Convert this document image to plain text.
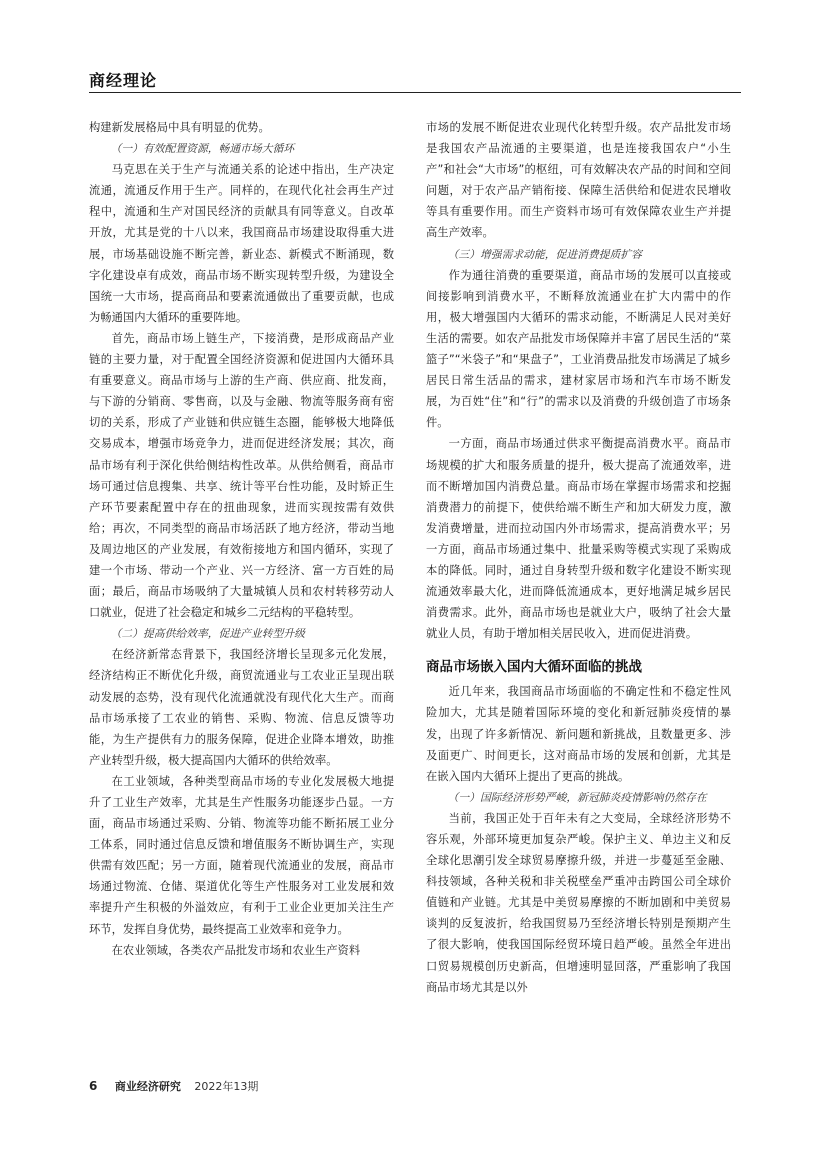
商经理论

构建新发展格局中具有明显的优势。

（一）有效配置资源，畅通市场大循环

马克思在关于生产与流通关系的论述中指出，生产决定流通，流通反作用于生产。同样的，在现代化社会再生产过程中，流通和生产对国民经济的贡献具有同等意义。自改革开放，尤其是党的十八以来，我国商品市场建设取得重大进展，市场基础设施不断完善，新业态、新模式不断涌现，数字化建设卓有成效，商品市场不断实现转型升级，为建设全国统一大市场，提高商品和要素流通做出了重要贡献，也成为畅通国内大循环的重要阵地。

首先，商品市场上链生产，下接消费，是形成商品产业链的主要力量，对于配置全国经济资源和促进国内大循环具有重要意义。商品市场与上游的生产商、供应商、批发商，与下游的分销商、零售商，以及与金融、物流等服务商有密切的关系，形成了产业链和供应链生态圈，能够极大地降低交易成本，增强市场竞争力，进而促进经济发展；其次，商品市场有利于深化供给侧结构性改革。从供给侧看，商品市场可通过信息搜集、共享、统计等平台性功能，及时矫正生产环节要素配置中存在的扭曲现象，进而实现按需有效供给；再次，不同类型的商品市场活跃了地方经济，带动当地及周边地区的产业发展，有效衔接地方和国内循环，实现了建一个市场、带动一个产业、兴一方经济、富一方百姓的局面；最后，商品市场吸纳了大量城镇人员和农村转移劳动人口就业，促进了社会稳定和城乡二元结构的平稳转型。

（二）提高供给效率，促进产业转型升级

在经济新常态背景下，我国经济增长呈现多元化发展，经济结构正不断优化升级，商贸流通业与工农业正呈现出联动发展的态势，没有现代化流通就没有现代化大生产。而商品市场承接了工农业的销售、采购、物流、信息反馈等功能，为生产提供有力的服务保障，促进企业降本增效，助推产业转型升级，极大提高国内大循环的供给效率。

在工业领域，各种类型商品市场的专业化发展极大地提升了工业生产效率，尤其是生产性服务功能逐步凸显。一方面，商品市场通过采购、分销、物流等功能不断拓展工业分工体系，同时通过信息反馈和增值服务不断协调生产，实现供需有效匹配；另一方面，随着现代流通业的发展，商品市场通过物流、仓储、渠道优化等生产性服务对工业发展和效率提升产生积极的外溢效应，有利于工业企业更加关注生产环节，发挥自身优势，最终提高工业效率和竞争力。

在农业领域，各类农产品批发市场和农业生产资料

市场的发展不断促进农业现代化转型升级。农产品批发市场是我国农产品流通的主要渠道，也是连接我国农户“小生产”和社会“大市场”的枢纽，可有效解决农产品的时间和空间问题，对于农产品产销衔接、保障生活供给和促进农民增收等具有重要作用。而生产资料市场可有效保障农业生产并提高生产效率。

（三）增强需求动能，促进消费提质扩容

作为通往消费的重要渠道，商品市场的发展可以直接或间接影响到消费水平，不断释放流通业在扩大内需中的作用，极大增强国内大循环的需求动能，不断满足人民对美好生活的需要。如农产品批发市场保障并丰富了居民生活的“菜篮子”“米袋子”和“果盘子”，工业消费品批发市场满足了城乡居民日常生活品的需求，建材家居市场和汽车市场不断发展，为百姓“住”和“行”的需求以及消费的升级创造了市场条件。

一方面，商品市场通过供求平衡提高消费水平。商品市场规模的扩大和服务质量的提升，极大提高了流通效率，进而不断增加国内消费总量。商品市场在掌握市场需求和挖掘消费潜力的前提下，使供给端不断生产和加大研发力度，激发消费增量，进而拉动国内外市场需求，提高消费水平；另一方面，商品市场通过集中、批量采购等模式实现了采购成本的降低。同时，通过自身转型升级和数字化建设不断实现流通效率最大化，进而降低流通成本，更好地满足城乡居民消费需求。此外，商品市场也是就业大户，吸纳了社会大量就业人员，有助于增加相关居民收入，进而促进消费。

商品市场嵌入国内大循环面临的挑战

近几年来，我国商品市场面临的不确定性和不稳定性风险加大，尤其是随着国际环境的变化和新冠肺炎疫情的暴发，出现了许多新情况、新问题和新挑战，且数量更多、涉及面更广、时间更长，这对商品市场的发展和创新，尤其是在嵌入国内大循环上提出了更高的挑战。

（一）国际经济形势严峻，新冠肺炎疫情影响仍然存在

当前，我国正处于百年未有之大变局，全球经济形势不容乐观，外部环境更加复杂严峻。保护主义、单边主义和反全球化思潮引发全球贸易摩擦升级，并进一步蔓延至金融、科技领域，各种关税和非关税壁垒严重冲击跨国公司全球价值链和产业链。尤其是中美贸易摩擦的不断加剧和中美贸易谈判的反复波折，给我国贸易乃至经济增长特别是预期产生了很大影响，使我国国际经贸环境日趋严峻。虽然全年进出口贸易规模创历史新高，但增速明显回落，严重影响了我国商品市场尤其是以外

6 商业经济研究 2022年13期
